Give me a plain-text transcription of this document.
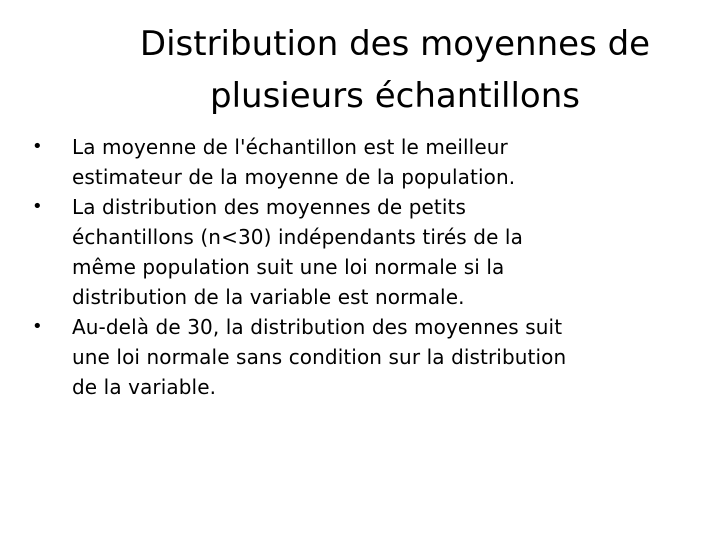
Distribution des moyennes de
plusieurs échantillons
• La moyenne de l'échantillon est le meilleur
estimateur de la moyenne de la population.
• La distribution des moyennes de petits
échantillons (n<30) indépendants tirés de la
même population suit une loi normale si la
distribution de la variable est normale.
• Au-delà de 30, la distribution des moyennes suit
une loi normale sans condition sur la distribution
de la variable.
